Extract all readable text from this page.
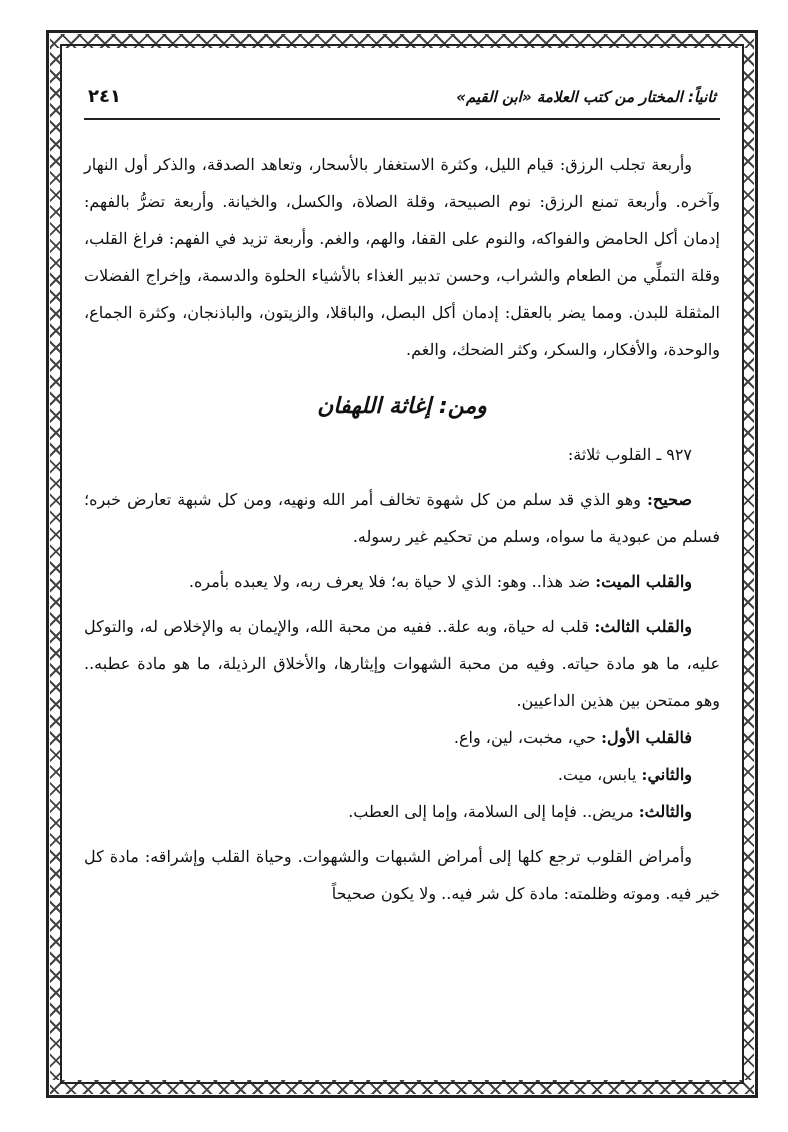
ثانياً: المختار من كتب العلامة «ابن القيم»
٢٤١

وأربعة تجلب الرزق: قيام الليل، وكثرة الاستغفار بالأسحار، وتعاهد الصدقة، والذكر أول النهار وآخره. وأربعة تمنع الرزق: نوم الصبيحة، وقلة الصلاة، والكسل، والخيانة. وأربعة تضرُّ بالفهم: إدمان أكل الحامض والفواكه، والنوم على القفا، والهم، والغم. وأربعة تزيد في الفهم: فراغ القلب، وقلة التملِّي من الطعام والشراب، وحسن تدبير الغذاء بالأشياء الحلوة والدسمة، وإخراج الفضلات المثقلة للبدن. ومما يضر بالعقل: إدمان أكل البصل، والباقلا، والزيتون، والباذنجان، وكثرة الجماع، والوحدة، والأفكار، والسكر، وكثر الضحك، والغم.

ومن: إغاثة اللهفان

٩٢٧ ـ القلوب ثلاثة:

صحيح: وهو الذي قد سلم من كل شهوة تخالف أمر الله ونهيه، ومن كل شبهة تعارض خبره؛ فسلم من عبودية ما سواه، وسلم من تحكيم غير رسوله.

والقلب الميت: ضد هذا.. وهو: الذي لا حياة به؛ فلا يعرف ربه، ولا يعبده بأمره.

والقلب الثالث: قلب له حياة، وبه علة.. ففيه من محبة الله، والإيمان به والإخلاص له، والتوكل عليه، ما هو مادة حياته. وفيه من محبة الشهوات وإيثارها، والأخلاق الرذيلة، ما هو مادة عطبه.. وهو ممتحن بين هذين الداعيين.

فالقلب الأول: حي، مخبت، لين، واع.

والثاني: يابس، ميت.

والثالث: مريض.. فإما إلى السلامة، وإما إلى العطب.

وأمراض القلوب ترجع كلها إلى أمراض الشبهات والشهوات. وحياة القلب وإشراقه: مادة كل خير فيه. وموته وظلمته: مادة كل شر فيه.. ولا يكون صحيحاً
